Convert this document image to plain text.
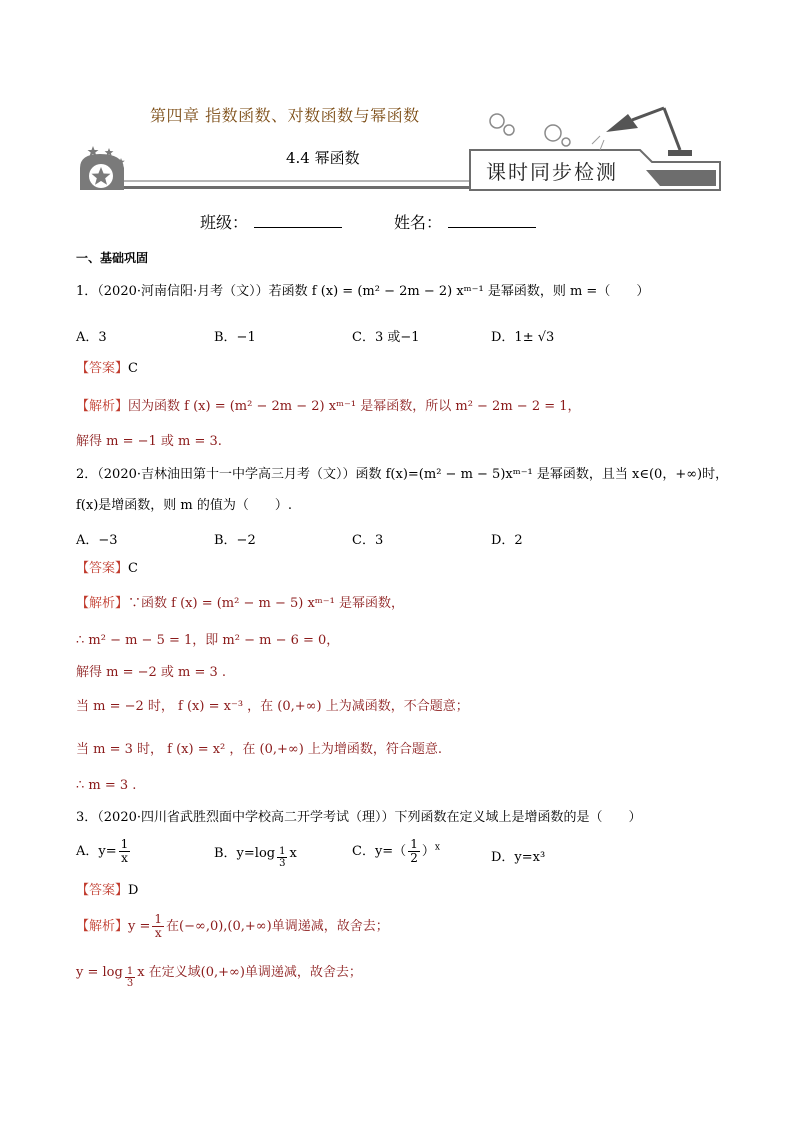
第四章 指数函数、对数函数与幂函数
4.4 幂函数
课时同步检测
班级：	姓名：
一、基础巩固
1．（2020·河南信阳·月考（文））若函数 f (x) = (m² − 2m − 2) xᵐ⁻¹ 是幂函数，则 m =（　　）
A．3	B．−1	C．3 或−1	D．1± √3
【答案】C
【解析】因为函数 f (x) = (m² − 2m − 2) xᵐ⁻¹ 是幂函数，所以 m² − 2m − 2 = 1，
解得 m = −1 或 m = 3.
2．（2020·吉林油田第十一中学高三月考（文））函数 f(x)=(m² − m − 5)xᵐ⁻¹ 是幂函数，且当 x∈(0，+∞)时，
f(x)是增函数，则 m 的值为（　　）.
A．−3	B．−2	C．3	D．2
【答案】C
【解析】∵函数 f (x) = (m² − m − 5) xᵐ⁻¹ 是幂函数，
∴ m² − m − 5 = 1，即 m² − m − 6 = 0，
解得 m = −2 或 m = 3 .
当 m = −2 时， f (x) = x⁻³ ，在 (0,+∞) 上为减函数，不合题意；
当 m = 3 时， f (x) = x² ，在 (0,+∞) 上为增函数，符合题意.
∴ m = 3 .
3．（2020·四川省武胜烈面中学校高二开学考试（理））下列函数在定义域上是增函数的是（　　）
A．$y= \frac{1}{x}$	B．$y=\log \frac{1}{3}$ x	C．$y=( \frac{1}{2} )^x$
D．y=x³
【答案】D
【解析】$y = \frac{1}{x}$ 在(−∞,0),(0,+∞)单调递减，故舍去；
$y = \log \frac{1}{3}$ x 在定义域(0,+∞)单调递减，故舍去；
